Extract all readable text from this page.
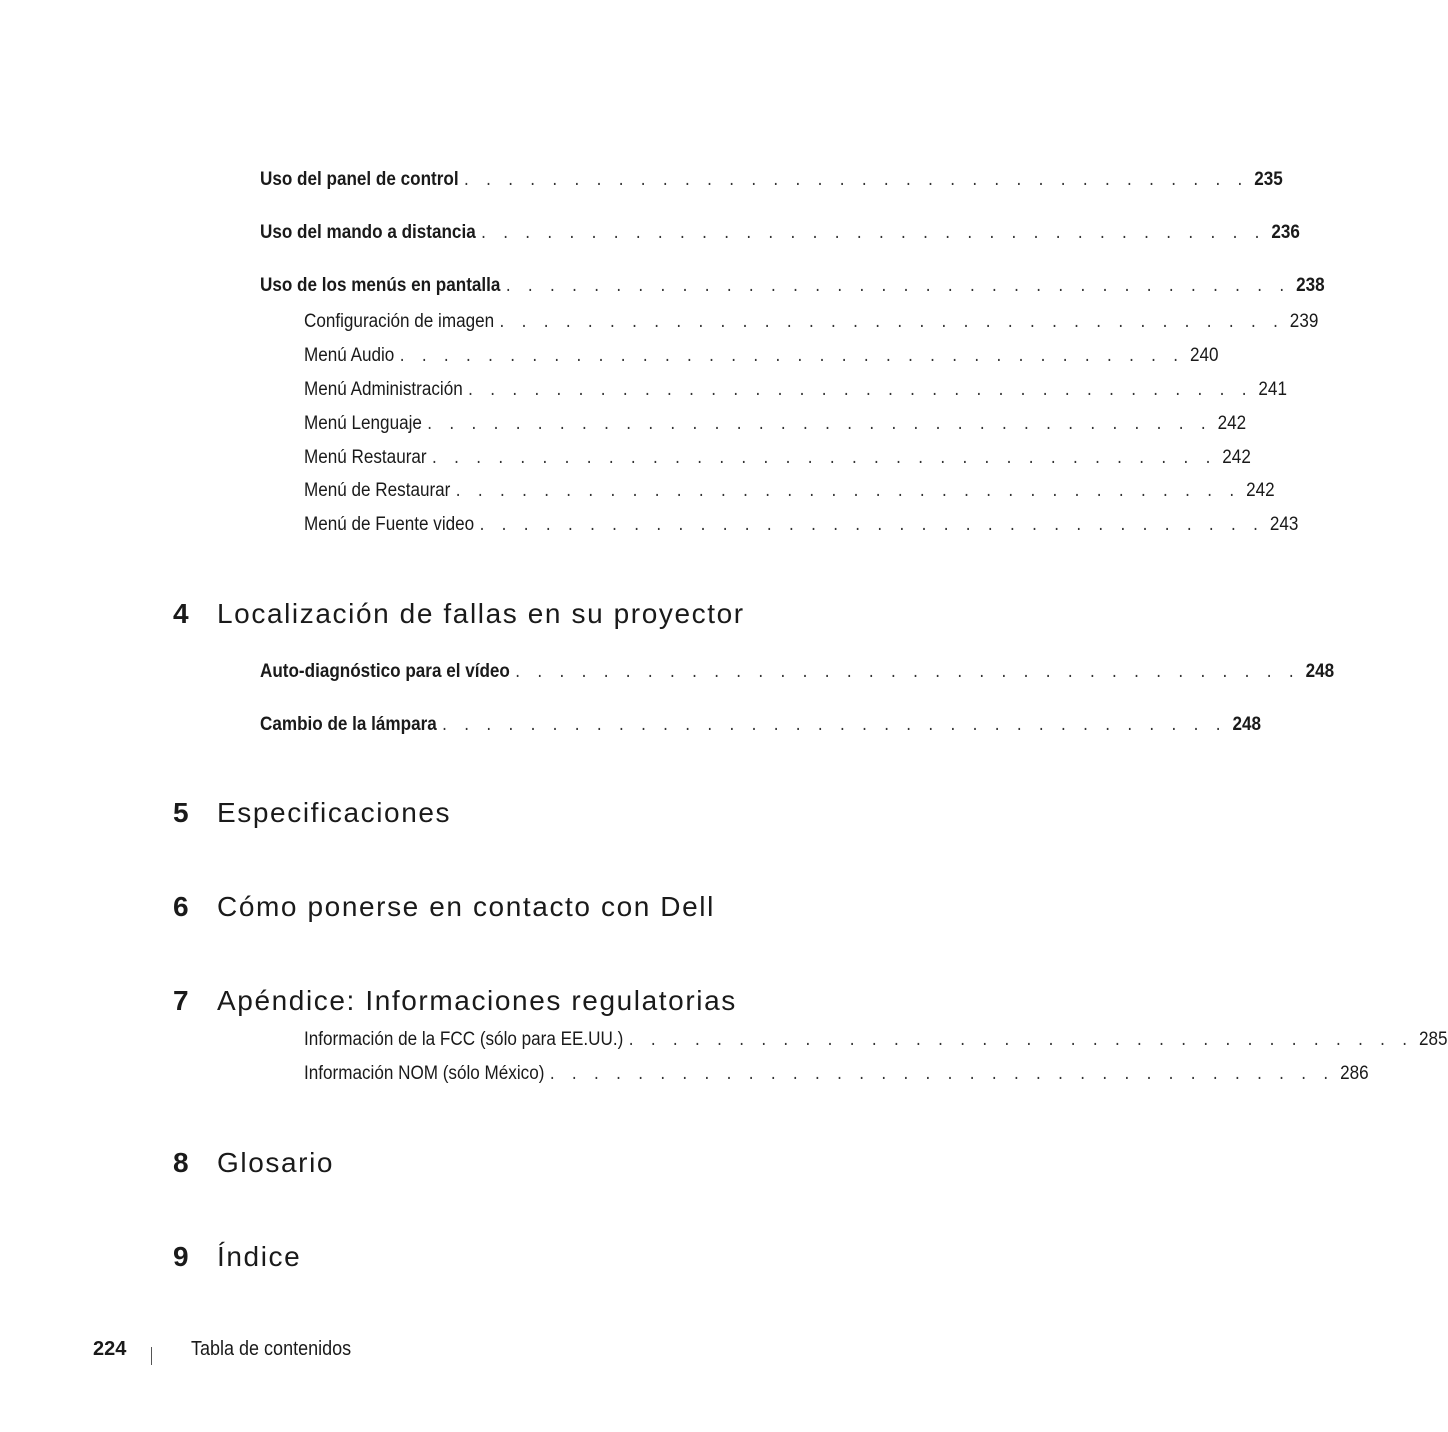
Uso del panel de control . . . . . . . . . . . . . . . . . . . . . . . . . . . . . . . . . . . . 235
Uso del mando a distancia . . . . . . . . . . . . . . . . . . . . . . . . . . . . . . . . . . . . 236
Uso de los menús en pantalla . . . . . . . . . . . . . . . . . . . . . . . . . . . . . . . . . . . . 238
Configuración de imagen . . . . . . . . . . . . . . . . . . . . . . . . . . . . . . . . . . . . 239
Menú Audio . . . . . . . . . . . . . . . . . . . . . . . . . . . . . . . . . . . . 240
Menú Administración . . . . . . . . . . . . . . . . . . . . . . . . . . . . . . . . . . . . 241
Menú Lenguaje . . . . . . . . . . . . . . . . . . . . . . . . . . . . . . . . . . . . 242
Menú Restaurar . . . . . . . . . . . . . . . . . . . . . . . . . . . . . . . . . . . . 242
Menú de Restaurar . . . . . . . . . . . . . . . . . . . . . . . . . . . . . . . . . . . . 242
Menú de Fuente video . . . . . . . . . . . . . . . . . . . . . . . . . . . . . . . . . . . . 243
4 Localización de fallas en su proyector
Auto-diagnóstico para el vídeo . . . . . . . . . . . . . . . . . . . . . . . . . . . . . . . . . . . . 248
Cambio de la lámpara . . . . . . . . . . . . . . . . . . . . . . . . . . . . . . . . . . . . 248
5 Especificaciones
6 Cómo ponerse en contacto con Dell
7 Apéndice: Informaciones regulatorias
Información de la FCC (sólo para EE.UU.) . . . . . . . . . . . . . . . . . . . . . . . . . . . . . . . . . . . . 285
Información NOM (sólo México) . . . . . . . . . . . . . . . . . . . . . . . . . . . . . . . . . . . . 286
8 Glosario
9 Índice
224	Tabla de contenidos
